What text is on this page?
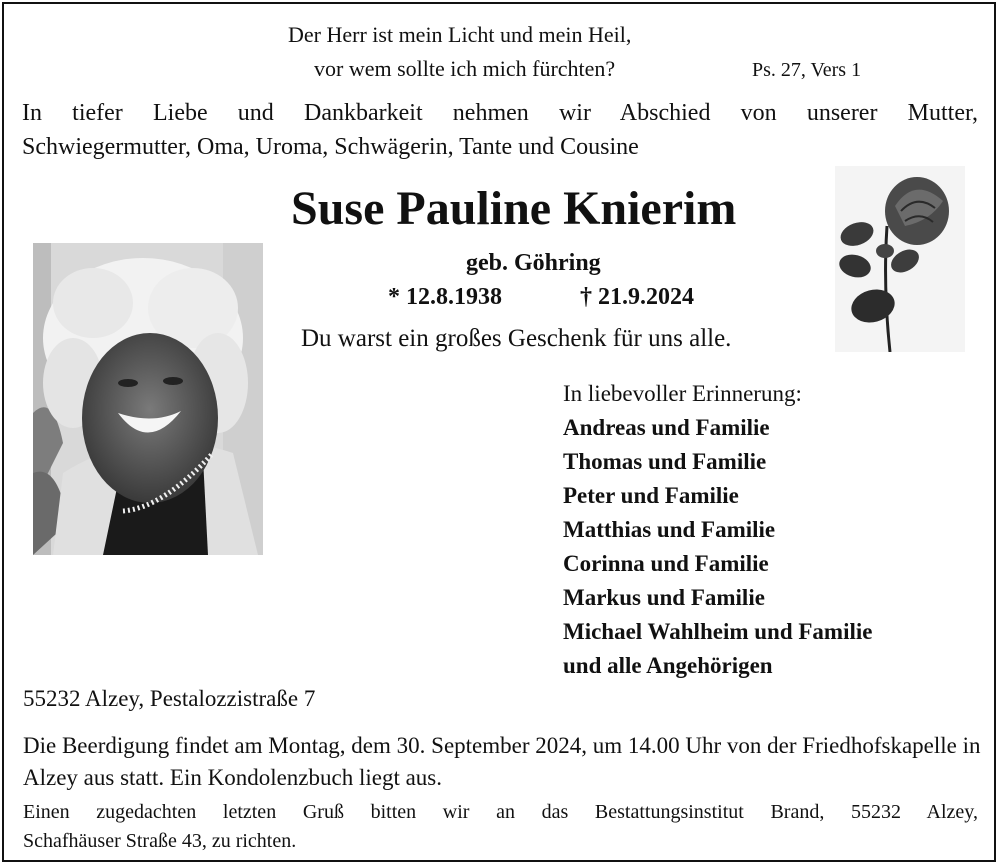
Der Herr ist mein Licht und mein Heil,
vor wem sollte ich mich fürchten?	Ps. 27, Vers 1
In tiefer Liebe und Dankbarkeit nehmen wir Abschied von unserer Mutter,
Schwiegermutter, Oma, Uroma, Schwägerin, Tante und Cousine
Suse Pauline Knierim
geb. Göhring
* 12.8.1938	† 21.9.2024
Du warst ein großes Geschenk für uns alle.
In liebevoller Erinnerung:
Andreas und Familie
Thomas und Familie
Peter und Familie
Matthias und Familie
Corinna und Familie
Markus und Familie
Michael Wahlheim und Familie
und alle Angehörigen
55232 Alzey, Pestalozzistraße 7
Die Beerdigung findet am Montag, dem 30. September 2024, um 14.00 Uhr von der Friedhofskapelle in Alzey aus statt. Ein Kondolenzbuch liegt aus.
Einen zugedachten letzten Gruß bitten wir an das Bestattungsinstitut Brand, 55232 Alzey,
Schafhäuser Straße 43, zu richten.
